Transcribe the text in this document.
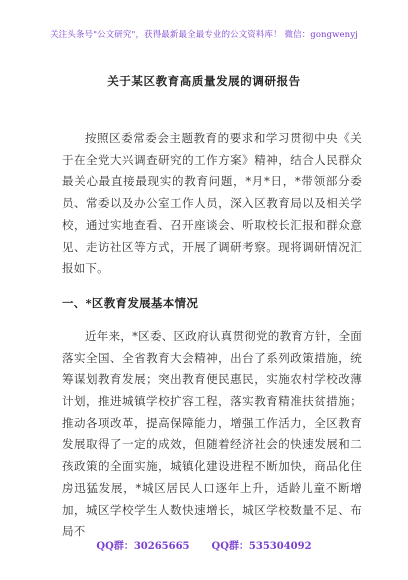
关注头条号"公文研究"，获得最新最全最专业的公文资料库！ 微信：gongwenyj
关于某区教育高质量发展的调研报告

按照区委常委会主题教育的要求和学习贯彻中央《关于在全党大兴调查研究的工作方案》精神，结合人民群众最关心最直接最现实的教育问题，*月*日，*带领部分委员、常委以及办公室工作人员，深入区教育局以及相关学校，通过实地查看、召开座谈会、听取校长汇报和群众意见、走访社区等方式，开展了调研考察。现将调研情况汇报如下。

一、*区教育发展基本情况

近年来，*区委、区政府认真贯彻党的教育方针，全面落实全国、全省教育大会精神，出台了系列政策措施，统筹谋划教育发展；突出教育便民惠民，实施农村学校改薄计划，推进城镇学校扩容工程，落实教育精准扶贫措施；推动各项改革，提高保障能力，增强工作活力，全区教育发展取得了一定的成效，但随着经济社会的快速发展和二孩政策的全面实施，城镇化建设进程不断加快，商品化住房迅猛发展，*城区居民人口逐年上升，适龄儿童不断增加，城区学校学生人数快速增长，城区学校数量不足、布局不

QQ群：30265665 QQ群：535304092
